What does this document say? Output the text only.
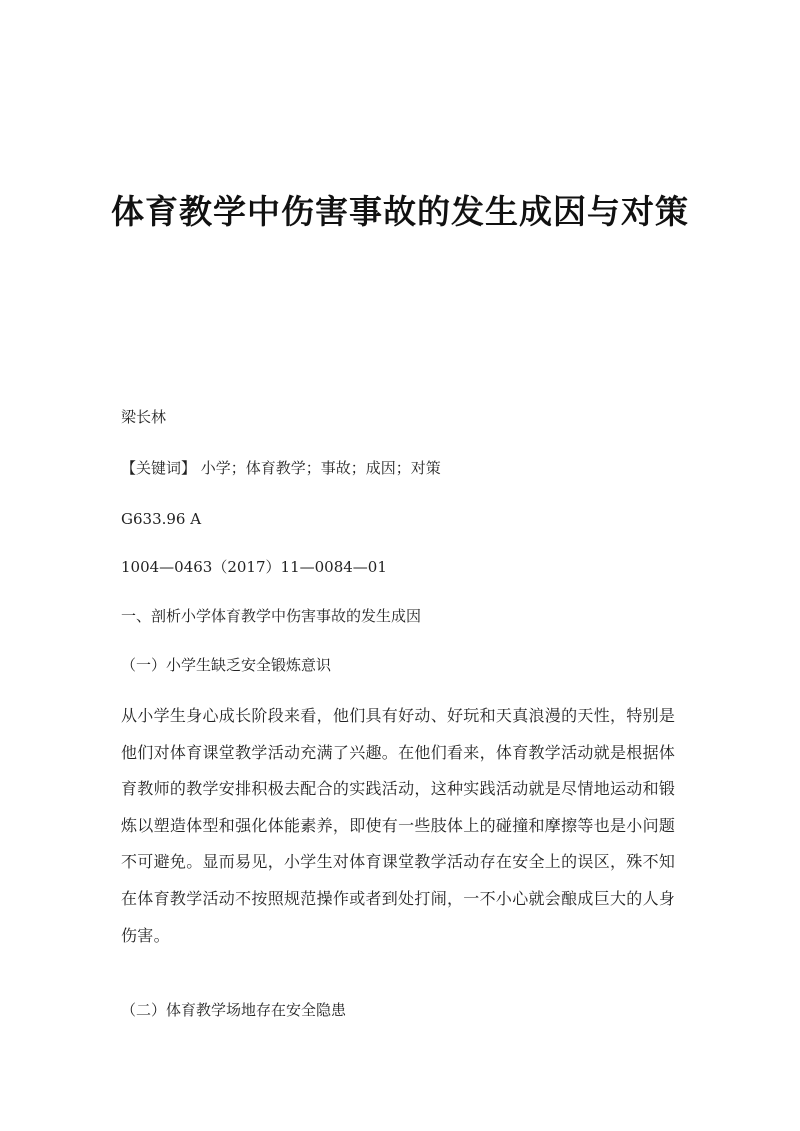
体育教学中伤害事故的发生成因与对策
梁长林
【关键词】 小学；体育教学；事故；成因；对策
G633.96 A
1004—0463（2017）11—0084—01
一、剖析小学体育教学中伤害事故的发生成因
（一）小学生缺乏安全锻炼意识
从小学生身心成长阶段来看，他们具有好动、好玩和天真浪漫的天性，特别是
他们对体育课堂教学活动充满了兴趣。在他们看来，体育教学活动就是根据体
育教师的教学安排积极去配合的实践活动，这种实践活动就是尽情地运动和锻
炼以塑造体型和强化体能素养，即使有一些肢体上的碰撞和摩擦等也是小问题
不可避免。显而易见，小学生对体育课堂教学活动存在安全上的误区，殊不知
在体育教学活动不按照规范操作或者到处打闹，一不小心就会酿成巨大的人身
伤害。
（二）体育教学场地存在安全隐患
